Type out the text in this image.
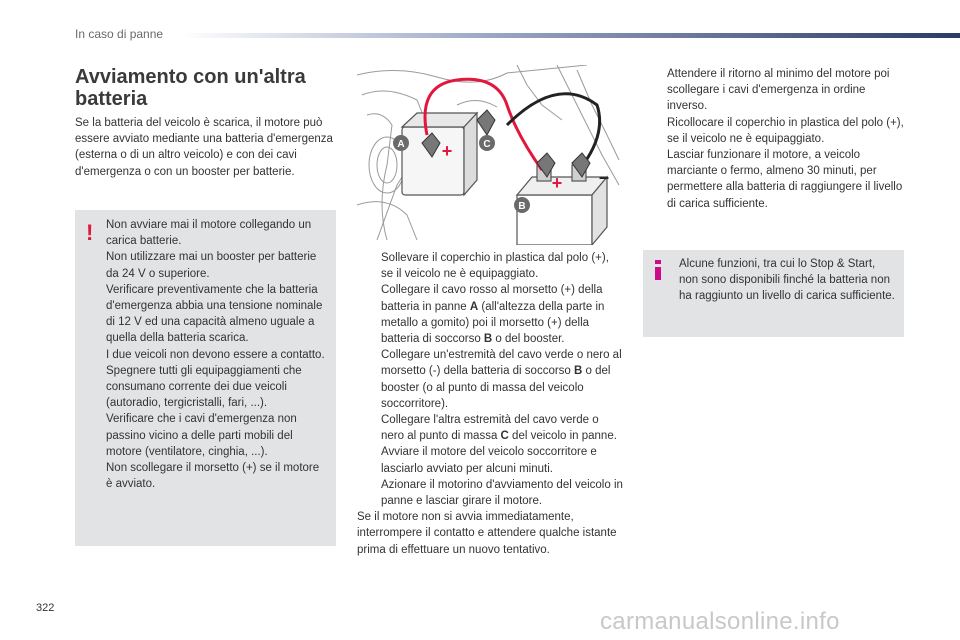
In caso di panne
Avviamento con un'altra batteria
Se la batteria del veicolo è scarica, il motore può essere avviato mediante una batteria d'emergenza (esterna o di un altro veicolo) e con dei cavi d'emergenza o con un booster per batterie.
! Non avviare mai il motore collegando un carica batterie.

Non utilizzare mai un booster per batterie da 24 V o superiore.

Verificare preventivamente che la batteria d'emergenza abbia una tensione nominale di 12 V ed una capacità almeno uguale a quella della batteria scarica.

I due veicoli non devono essere a contatto.

Spegnere tutti gli equipaggiamenti che consumano corrente dei due veicoli (autoradio, tergicristalli, fari, ...).

Verificare che i cavi d'emergenza non passino vicino a delle parti mobili del motore (ventilatore, cinghia, ...).

Non scollegare il morsetto (+) se il motore è avviato.

A	C
B
+
+ –
Sollevare il coperchio in plastica dal polo (+), se il veicolo ne è equipaggiato.
Collegare il cavo rosso al morsetto (+) della batteria in panne A (all'altezza della parte in metallo a gomito) poi il morsetto (+) della batteria di soccorso B o del booster.
Collegare un'estremità del cavo verde o nero al morsetto (-) della batteria di soccorso B o del booster (o al punto di massa del veicolo soccorritore).
Collegare l'altra estremità del cavo verde o nero al punto di massa C del veicolo in panne.
Avviare il motore del veicolo soccorritore e lasciarlo avviato per alcuni minuti.
Azionare il motorino d'avviamento del veicolo in panne e lasciar girare il motore.
Se il motore non si avvia immediatamente, interrompere il contatto e attendere qualche istante prima di effettuare un nuovo tentativo.
Attendere il ritorno al minimo del motore poi scollegare i cavi d'emergenza in ordine inverso.
Ricollocare il coperchio in plastica del polo (+), se il veicolo ne è equipaggiato.
Lasciar funzionare il motore, a veicolo marciante o fermo, almeno 30 minuti, per permettere alla batteria di raggiungere il livello di carica sufficiente.
Alcune funzioni, tra cui lo Stop & Start, non sono disponibili finché la batteria non ha raggiunto un livello di carica sufficiente.
322	carmanualsonline.info
